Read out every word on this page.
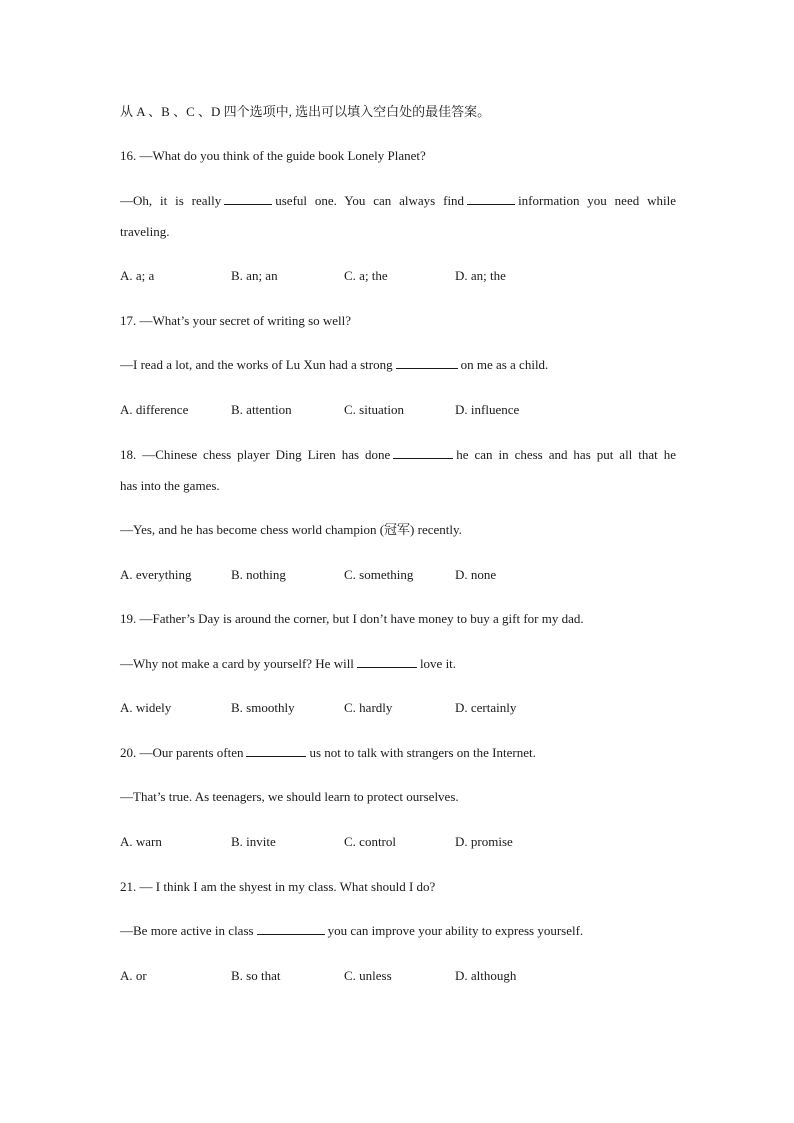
从 A 、B 、C 、D 四个选项中, 选出可以填入空白处的最佳答案。
16. —What do you think of the guide book Lonely Planet?
—Oh, it is really	useful one. You can always find	information you need while
traveling.
A. a; a	B. an; an	C. a; the	D. an; the
17. —What’s your secret of writing so well?
—I read a lot, and the works of Lu Xun had a strong	on me as a child.
A. difference	B. attention	C. situation	D. influence
18. —Chinese chess player Ding Liren has done	he can in chess and has put all that he
has into the games.
—Yes, and he has become chess world champion (冠军) recently.
A. everything	B. nothing	C. something	D. none
19. —Father’s Day is around the corner, but I don’t have money to buy a gift for my dad.
—Why not make a card by yourself? He will	love it.
A. widely	B. smoothly	C. hardly	D. certainly
20. —Our parents often	us not to talk with strangers on the Internet.
—That’s true. As teenagers, we should learn to protect ourselves.
A. warn	B. invite	C. control	D. promise
21. — I think I am the shyest in my class. What should I do?
—Be more active in class	you can improve your ability to express yourself.
A. or	B. so that	C. unless	D. although
